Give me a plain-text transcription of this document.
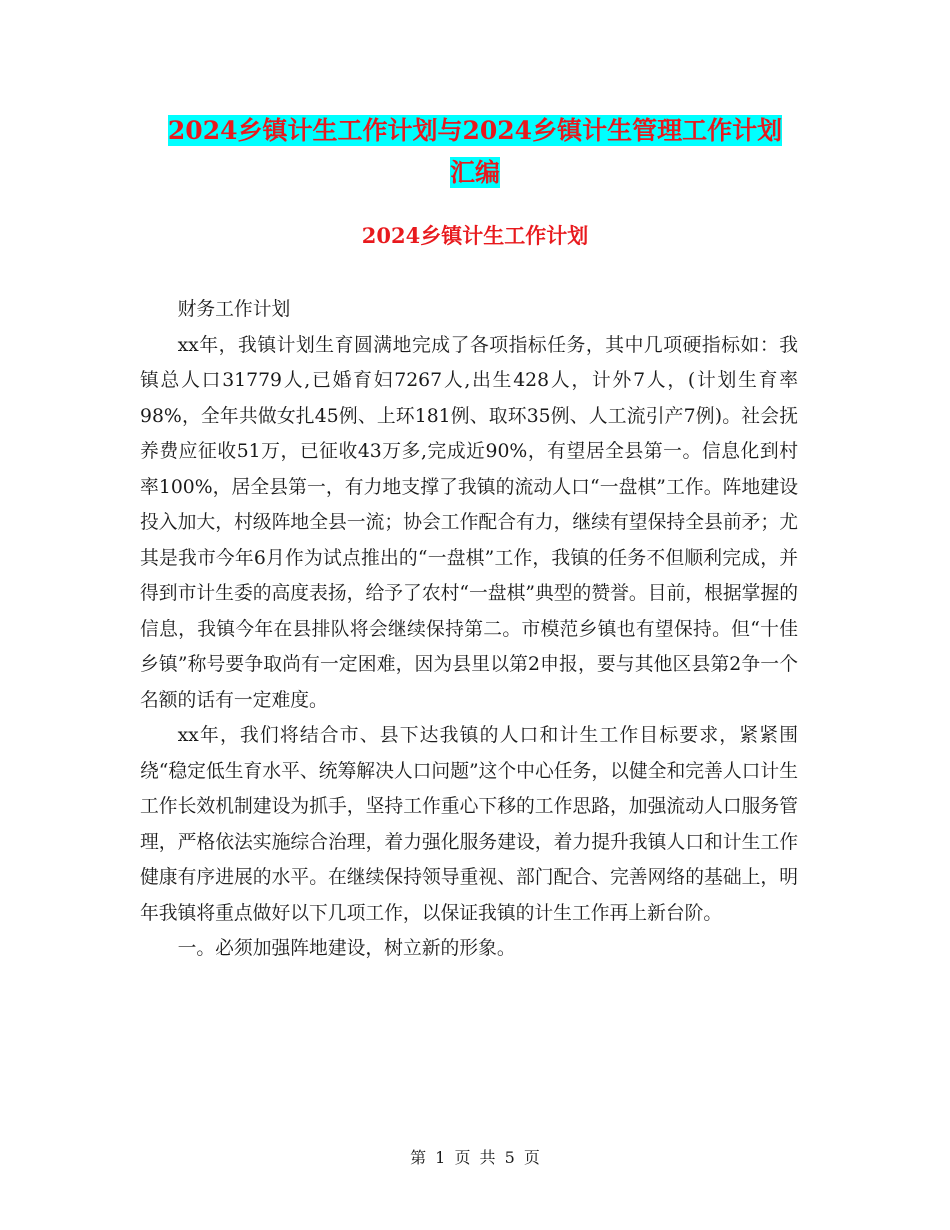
2024乡镇计生工作计划与2024乡镇计生管理工作计划
汇编
2024乡镇计生工作计划

财务工作计划

xx年，我镇计划生育圆满地完成了各项指标任务，其中几项硬指标如：我镇总人口31779人,已婚育妇7267人,出生428人，计外7人，(计划生育率98%，全年共做女扎45例、上环181例、取环35例、人工流引产7例)。社会抚养费应征收51万，已征收43万多,完成近90%，有望居全县第一。信息化到村率100%，居全县第一，有力地支撑了我镇的流动人口“一盘棋”工作。阵地建设投入加大，村级阵地全县一流；协会工作配合有力，继续有望保持全县前矛；尤其是我市今年6月作为试点推出的“一盘棋”工作，我镇的任务不但顺利完成，并得到市计生委的高度表扬，给予了农村“一盘棋”典型的赞誉。目前，根据掌握的信息，我镇今年在县排队将会继续保持第二。市模范乡镇也有望保持。但“十佳乡镇”称号要争取尚有一定困难，因为县里以第2申报，要与其他区县第2争一个名额的话有一定难度。

xx年，我们将结合市、县下达我镇的人口和计生工作目标要求，紧紧围绕“稳定低生育水平、统筹解决人口问题”这个中心任务，以健全和完善人口计生工作长效机制建设为抓手，坚持工作重心下移的工作思路，加强流动人口服务管理，严格依法实施综合治理，着力强化服务建设，着力提升我镇人口和计生工作健康有序进展的水平。在继续保持领导重视、部门配合、完善网络的基础上，明年我镇将重点做好以下几项工作，以保证我镇的计生工作再上新台阶。

一。必须加强阵地建设，树立新的形象。

第 1 页 共 5 页
